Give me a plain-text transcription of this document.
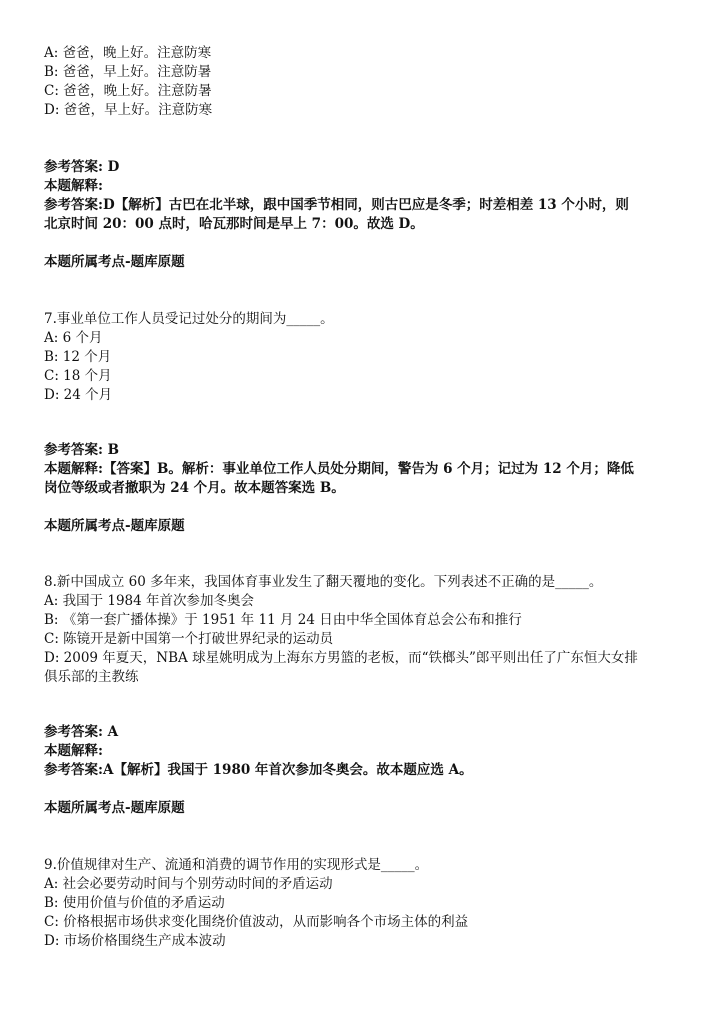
A: 爸爸，晚上好。注意防寒
B: 爸爸，早上好。注意防暑
C: 爸爸，晚上好。注意防暑
D: 爸爸，早上好。注意防寒
参考答案: D
本题解释:
参考答案:D【解析】古巴在北半球，跟中国季节相同，则古巴应是冬季；时差相差 13 个小时，则
北京时间 20：00 点时，哈瓦那时间是早上 7：00。故选 D。
本题所属考点-题库原题
7.事业单位工作人员受记过处分的期间为_____。
A: 6 个月
B: 12 个月
C: 18 个月
D: 24 个月
参考答案: B
本题解释:【答案】B。解析：事业单位工作人员处分期间，警告为 6 个月；记过为 12 个月；降低
岗位等级或者撤职为 24 个月。故本题答案选 B。
本题所属考点-题库原题
8.新中国成立 60 多年来，我国体育事业发生了翻天覆地的变化。下列表述不正确的是_____。
A: 我国于 1984 年首次参加冬奥会
B: 《第一套广播体操》于 1951 年 11 月 24 日由中华全国体育总会公布和推行
C: 陈镜开是新中国第一个打破世界纪录的运动员
D: 2009 年夏天，NBA 球星姚明成为上海东方男篮的老板，而“铁榔头”郎平则出任了广东恒大女排
俱乐部的主教练
参考答案: A
本题解释:
参考答案:A【解析】我国于 1980 年首次参加冬奥会。故本题应选 A。
本题所属考点-题库原题
9.价值规律对生产、流通和消费的调节作用的实现形式是_____。
A: 社会必要劳动时间与个别劳动时间的矛盾运动
B: 使用价值与价值的矛盾运动
C: 价格根据市场供求变化围绕价值波动，从而影响各个市场主体的利益
D: 市场价格围绕生产成本波动
